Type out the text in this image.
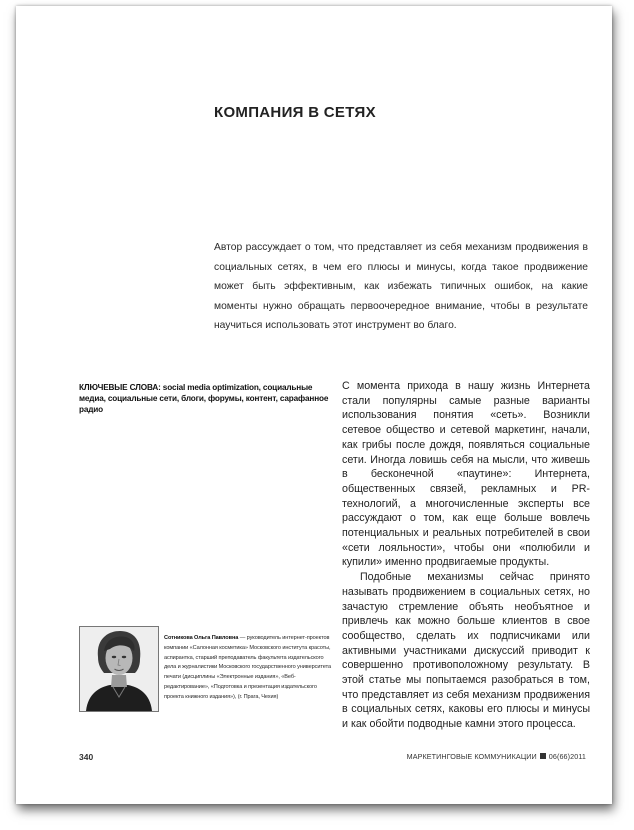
КОМПАНИЯ В СЕТЯХ
Автор рассуждает о том, что представляет из себя механизм продвижения в социальных сетях, в чем его плюсы и минусы, когда такое продвижение может быть эффективным, как избежать типичных ошибок, на какие моменты нужно обращать первоочередное внимание, чтобы в результате научиться использовать этот инструмент во благо.
КЛЮЧЕВЫЕ СЛОВА: social media optimization, социальные медиа, социальные сети, блоги, форумы, контент, сарафанное радио

С момента прихода в нашу жизнь Интернета стали популярны самые разные варианты использования понятия «сеть». Возникли сетевое общество и сетевой маркетинг, начали, как грибы после дождя, появляться социальные сети. Иногда ловишь себя на мысли, что живешь в бесконечной «паутине»: Интернета, общественных связей, рекламных и PR-технологий, а многочисленные эксперты все рассуждают о том, как еще больше вовлечь потенциальных и реальных потребителей в свои «сети лояльности», чтобы они «полюбили и купили» именно продвигаемые продукты.

Подобные механизмы сейчас принято называть продвижением в социальных сетях, но зачастую стремление объять необъятное и привлечь как можно больше клиентов в свое сообщество, сделать их подписчиками или активными участниками дискуссий приводит к совершенно противоположному результату. В этой статье мы попытаемся разобраться в том, что представляет из себя механизм продвижения в социальных сетях, каковы его плюсы и минусы и как обойти подводные камни этого процесса.

Сотникова Ольга Павловна — руководитель интернет-проектов компании «Салонная косметика» Московского института красоты, аспирантка, старший преподаватель факультета издательского дела и журналистики Московского государственного университета печати (дисциплины «Электронные издания», «Веб-редактирование», «Подготовка и презентация издательского проекта книжного издания»), (г. Прага, Чехия)
340	МАРКЕТИНГОВЫЕ КОММУНИКАЦИИ 06(66)2011
